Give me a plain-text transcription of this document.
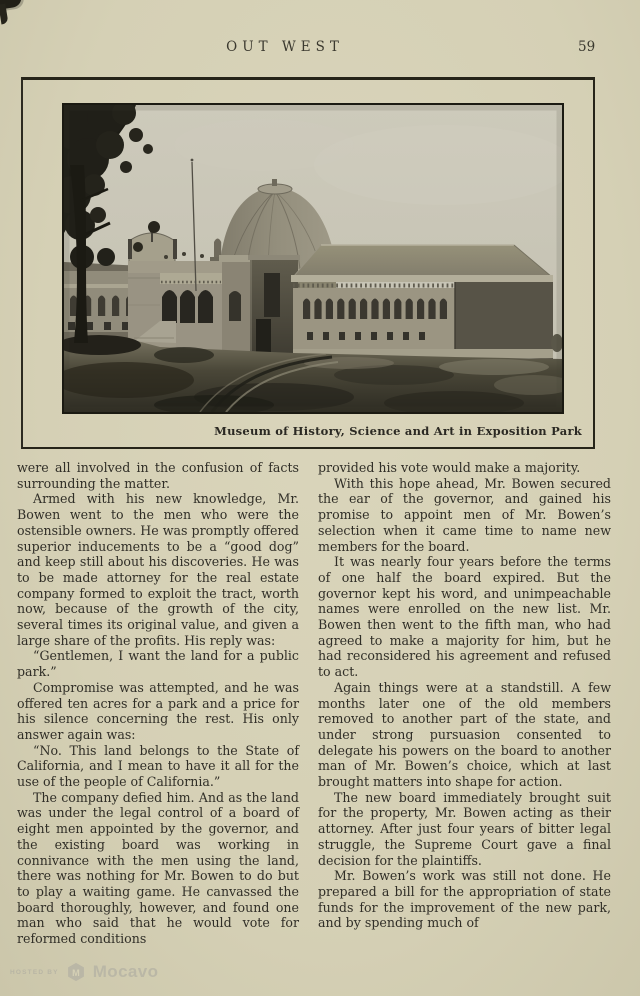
OUT WEST	59
Museum of History, Science and Art in Exposition Park

were all involved in the confusion of facts surrounding the matter.

Armed with his new knowledge, Mr. Bowen went to the men who were the ostensible owners. He was promptly offered superior inducements to be a “good dog” and keep still about his discoveries. He was to be made attorney for the real estate company formed to exploit the tract, worth now, because of the growth of the city, several times its original value, and given a large share of the profits. His reply was:

“Gentlemen, I want the land for a public park.”

Compromise was attempted, and he was offered ten acres for a park and a price for his silence concerning the rest. His only answer again was:

“No. This land belongs to the State of California, and I mean to have it all for the use of the people of California.”

The company defied him. And as the land was under the legal control of a board of eight men appointed by the governor, and the existing board was working in connivance with the men using the land, there was nothing for Mr. Bowen to do but to play a waiting game. He canvassed the board thoroughly, however, and found one man who said that he would vote for reformed conditions

provided his vote would make a majority.

With this hope ahead, Mr. Bowen secured the ear of the governor, and gained his promise to appoint men of Mr. Bowen’s selection when it came time to name new members for the board.

It was nearly four years before the terms of one half the board expired. But the governor kept his word, and unimpeachable names were enrolled on the new list. Mr. Bowen then went to the fifth man, who had agreed to make a majority for him, but he had reconsidered his agreement and refused to act.

Again things were at a standstill. A few months later one of the old members removed to another part of the state, and under strong pursuasion consented to delegate his powers on the board to another man of Mr. Bowen’s choice, which at last brought matters into shape for action.

The new board immediately brought suit for the property, Mr. Bowen acting as their attorney. After just four years of bitter legal struggle, the Supreme Court gave a final decision for the plaintiffs.

Mr. Bowen’s work was still not done. He prepared a bill for the appropriation of state funds for the improvement of the new park, and by spending much of

HOSTED BY M Mocavo
